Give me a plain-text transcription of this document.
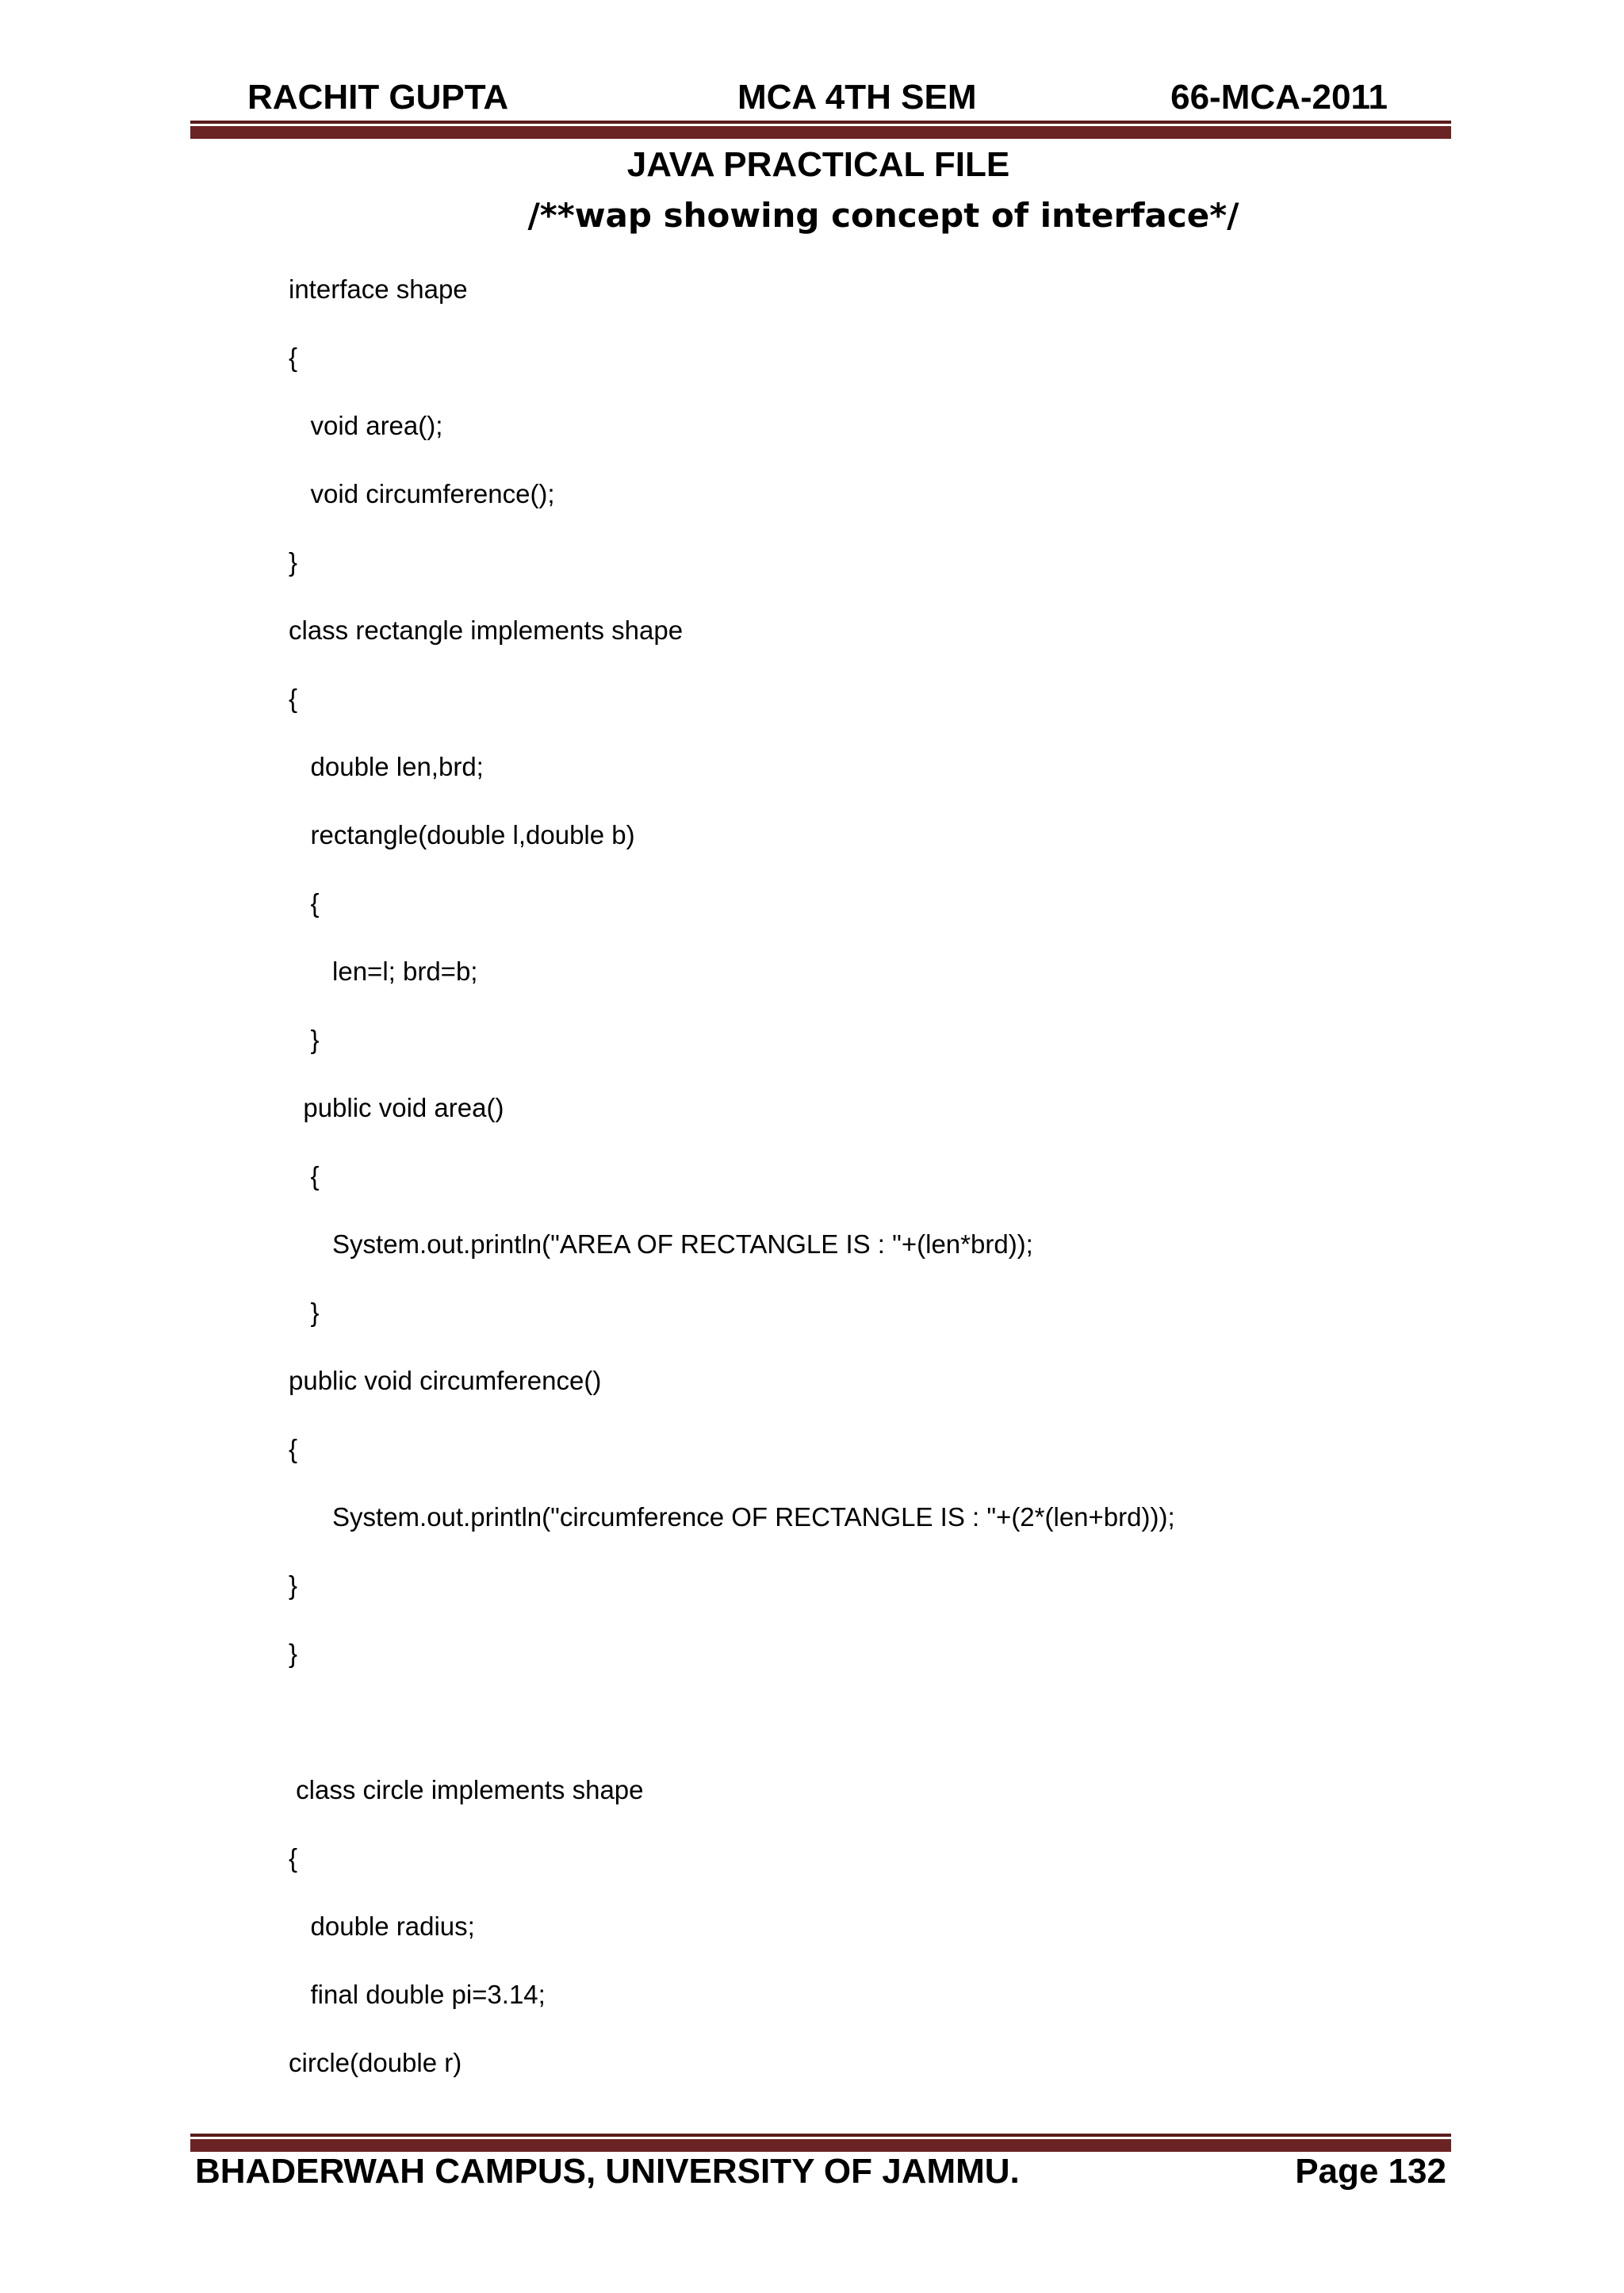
RACHIT GUPTA	MCA 4TH SEM	66-MCA-2011
JAVA PRACTICAL FILE
/**wap showing concept of interface*/
interface shape
{
void area();
void circumference();
}
class rectangle implements shape
{
double len,brd;
rectangle(double l,double b)
{
len=l; brd=b;
}
public void area()
{
System.out.println("AREA OF RECTANGLE IS : "+(len*brd));
}
public void circumference()
{
System.out.println("circumference OF RECTANGLE IS : "+(2*(len+brd)));
}
}
class circle implements shape
{
double radius;
final double pi=3.14;
circle(double r)
BHADERWAH CAMPUS, UNIVERSITY OF JAMMU.	Page 132
